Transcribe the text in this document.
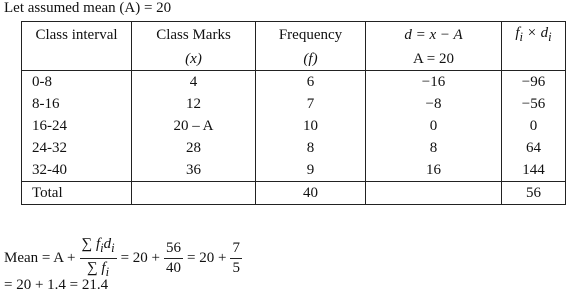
Let assumed mean (A) = 20
Class interval	Class Marks	Frequency	d = x − A	$f_i \times d_i$
	(x)	(f)	A = 20	
0-8	4	6	−16	−96
8-16	12	7	−8	−56
16-24	20 – A	10	0	0
24-32	28	8	8	64
32-40	36	9	16	144
Total		40		56
Mean = $A + \frac{\sum f_id_i}{\sum f_i} = 20 + \frac{56}{40} = 20 + \frac{7}{5}$
= 20 + 1.4 = 21.4
